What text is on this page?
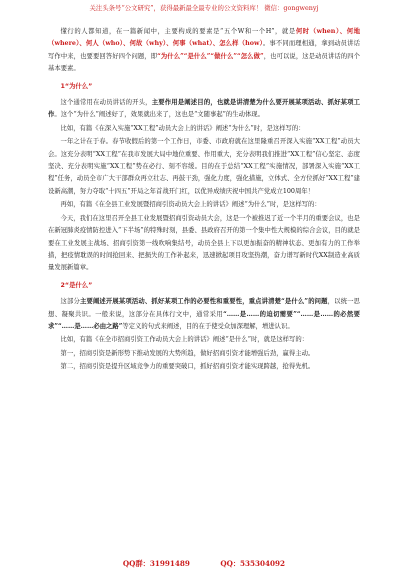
关注头条号“公文研究”，获得最新最全最专业的公文资料库！ 微信：gongwenyj

懂行的人都知道，在一篇新闻中，主要构成的要素是“五个W和一个H”，就是何时（when）、何地（where）、何人（who）、何故（why）、何事（what）、怎么样（how）。事不同而理相通，拿到动员讲话写作中来，也要要回答好四个问题，即“为什么”“是什么”“做什么”“怎么做”，也可以说，这是动员讲话的四个基本要素。

1“为什么”

这个通常用在动员讲话的开头，主要作用是阐述目的，也就是讲清楚为什么要开展某项活动、抓好某项工作。这个“为什么”阐述好了，效果就出来了，这也是“文随事起”的生动体现。

比如，有篇《在深入实施“XX工程”动员大会上的讲话》阐述“为什么”时，是这样写的：

一年之计在于春。春节收假后的第一个工作日，市委、市政府就在这里隆重召开深入实施“XX工程”动员大会。这充分表明“XX工程”在我市发展大局中地位重要、作用重大，充分表明我们推进“XX工程”信心坚定、态度坚决、充分表明实施“XX工程”势在必行、刻不容缓。目的在于总结“XX工程”实施情况，部署深入实施“XX工程”任务，动员全市广大干部群众再立壮志、再鼓干劲，强化力度，强化措施，立体式、全方位抓好“XX工程”建设新高潮，努力夺取“十四五”开局之年首战开门红，以优异成绩庆祝中国共产党成立100周年！

再如，有篇《在全县工业发展暨招商引资动员大会上的讲话》阐述“为什么”时，是这样写的：

今天，我们在这里召开全县工业发展暨招商引资动员大会，这是一个被推迟了近一个半月的重要会议，也是在新冠肺炎疫情防控进入“下半场”的特殊时刻，县委、县政府召开的第一个集中性大规模的综合会议，目的就是要在工业发展主战场、招商引资第一线吹响集结号，动员全县上下以更加振奋的精神状态、更加有力的工作举措，把疫情耽误的时间抢回来、把损失的工作补起来，迅速掀起项目攻坚热潮，奋力谱写新时代XX制造业高质量发展新篇章。

2“是什么”

这部分主要阐述开展某项活动、抓好某项工作的必要性和重要性，重点讲清楚“是什么”的问题，以统一思想、凝聚共识。一般来说，这部分在具体行文中，通常采用“……是……的迫切需要”“……是……的必然要求”“……是……必由之路”等定义的句式来阐述，目的在于使受众加深理解，增进认识。

比如，有篇《在全市招商引资工作动员大会上的讲话》阐述“是什么”时，就是这样写的：

第一，招商引资是新形势下推动发展的大势所趋，做好招商引资才能增强后劲，赢得主动。

第二，招商引资是提升区域竞争力的重要突破口，抓好招商引资才能实现跨越，抢得先机。

QQ群：31991489	QQ：535304092
